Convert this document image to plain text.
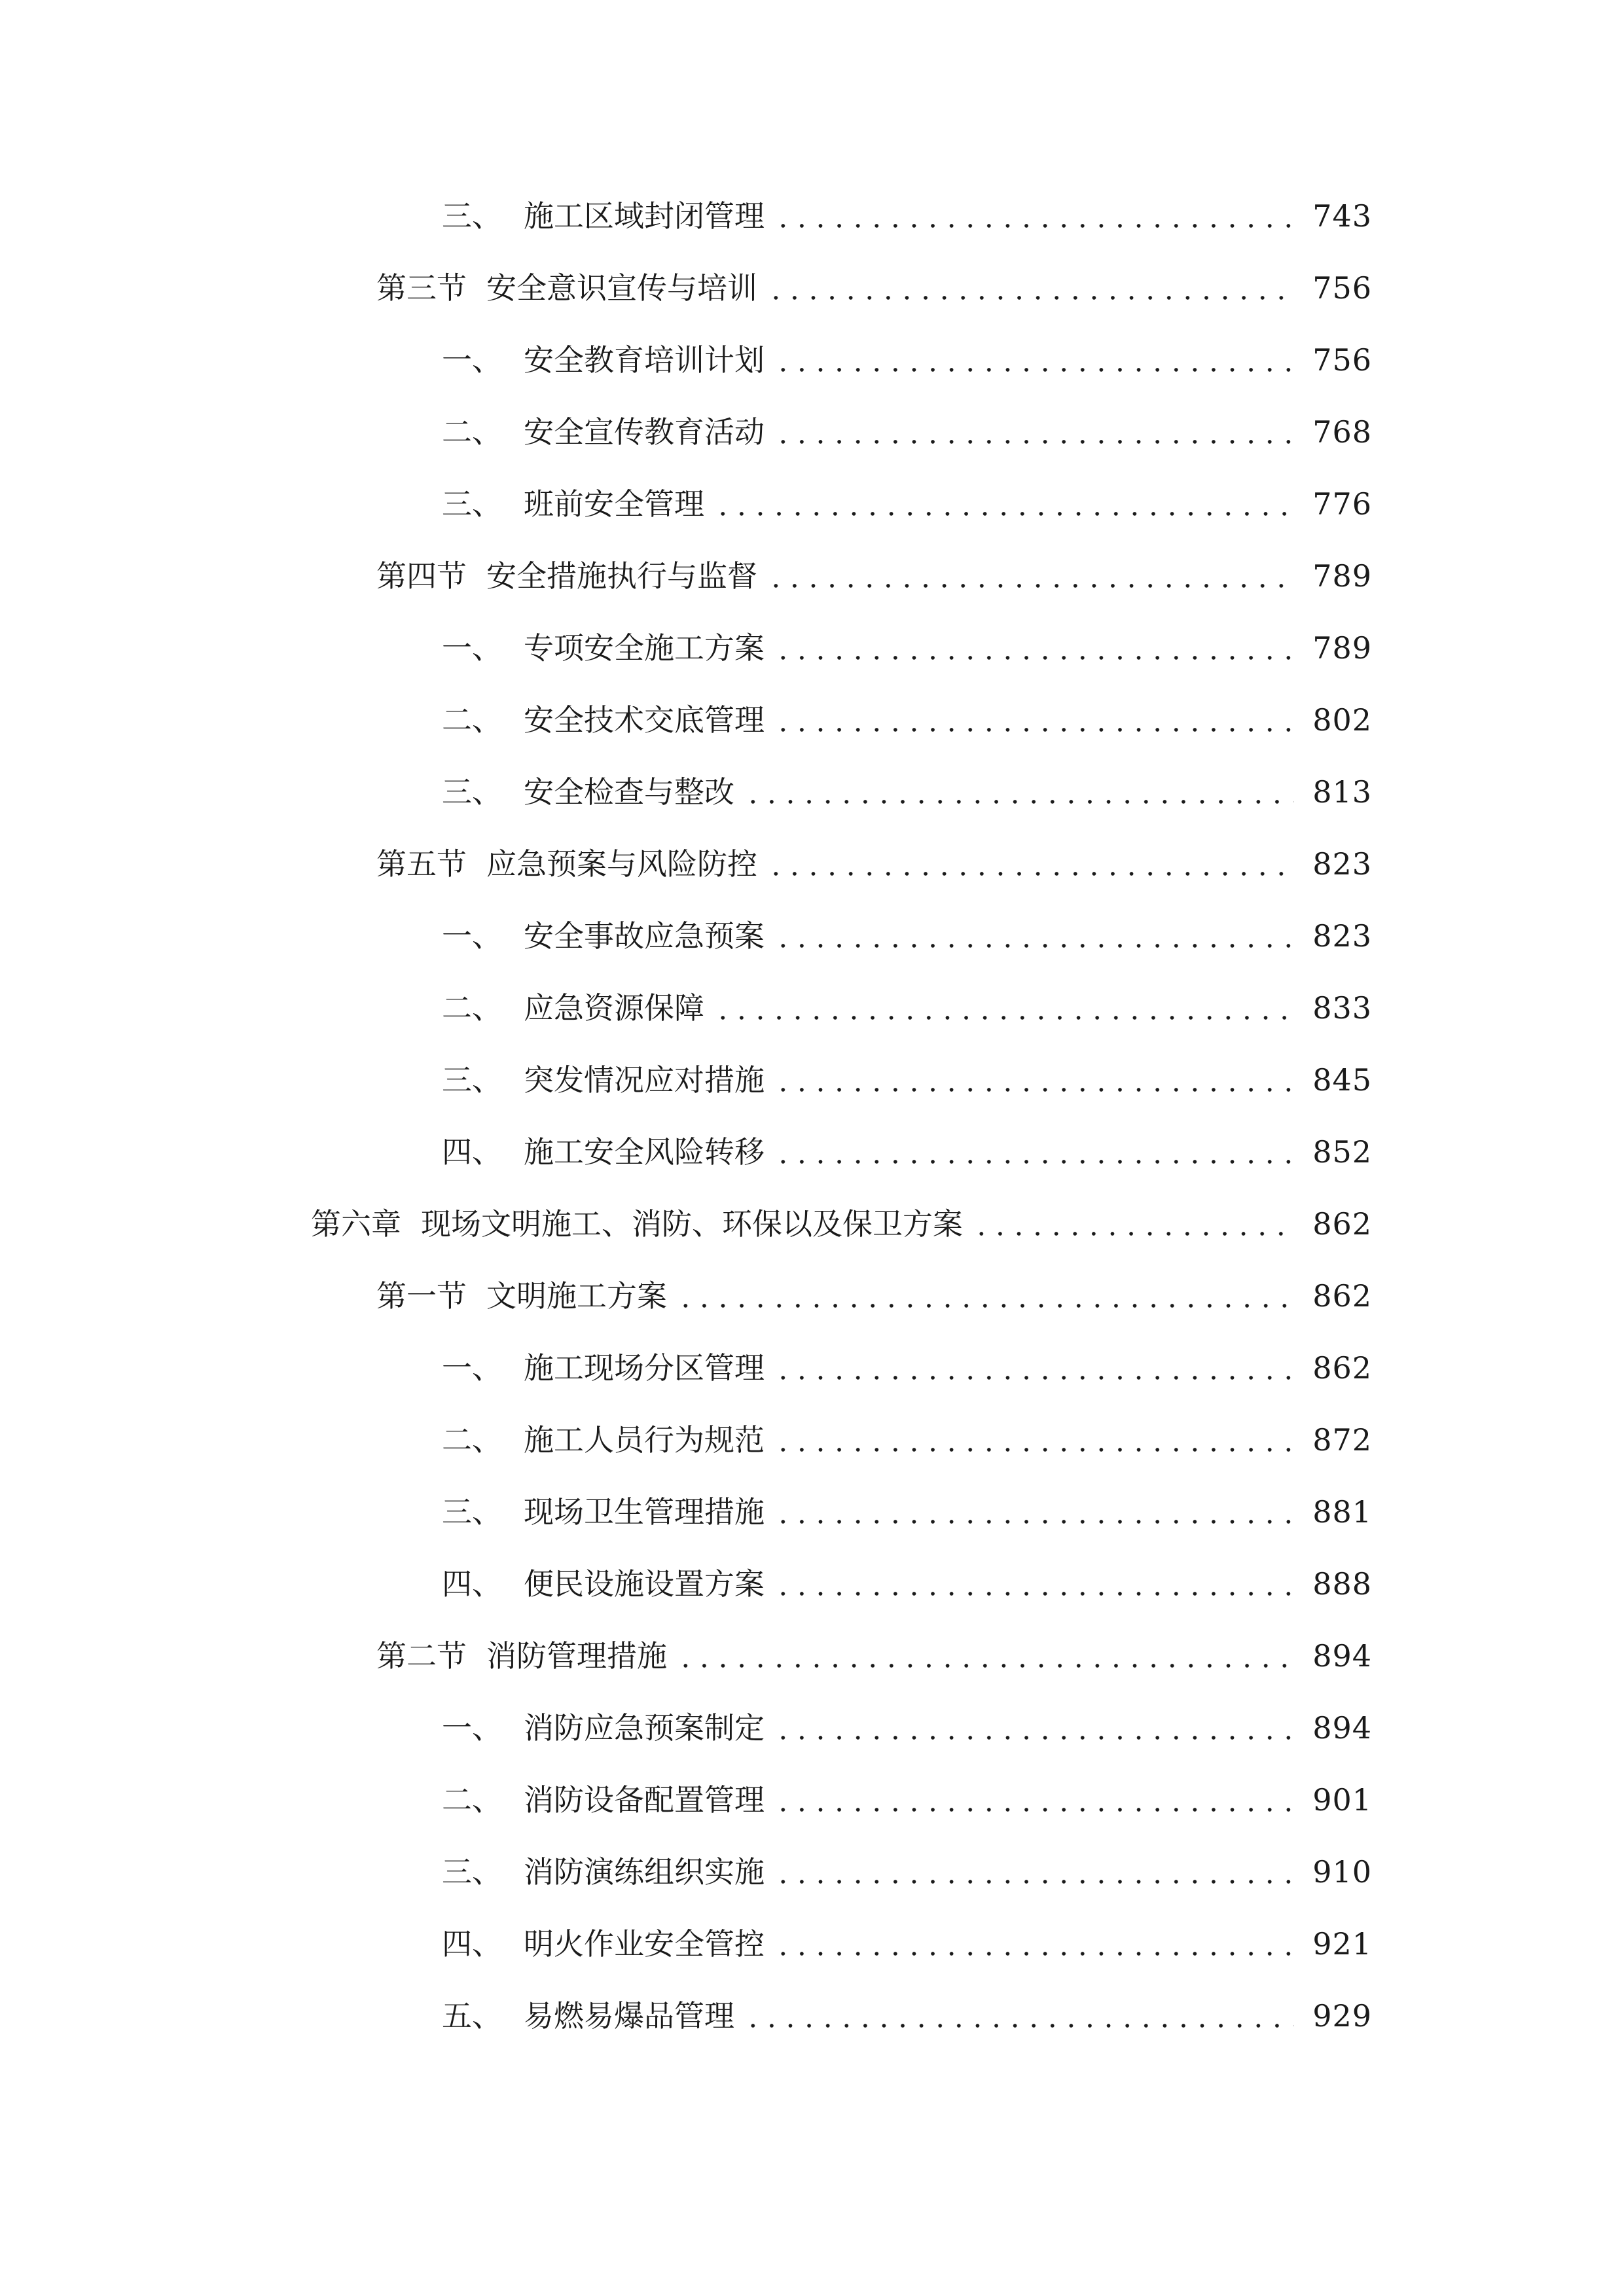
三、 施工区域封闭管理	743
第三节 安全意识宣传与培训	756
一、 安全教育培训计划	756
二、 安全宣传教育活动	768
三、 班前安全管理	776
第四节 安全措施执行与监督	789
一、 专项安全施工方案	789
二、 安全技术交底管理	802
三、 安全检查与整改	813
第五节 应急预案与风险防控	823
一、 安全事故应急预案	823
二、 应急资源保障	833
三、 突发情况应对措施	845
四、 施工安全风险转移	852
第六章 现场文明施工、消防、环保以及保卫方案	862
第一节 文明施工方案	862
一、 施工现场分区管理	862
二、 施工人员行为规范	872
三、 现场卫生管理措施	881
四、 便民设施设置方案	888
第二节 消防管理措施	894
一、 消防应急预案制定	894
二、 消防设备配置管理	901
三、 消防演练组织实施	910
四、 明火作业安全管控	921
五、 易燃易爆品管理	929
